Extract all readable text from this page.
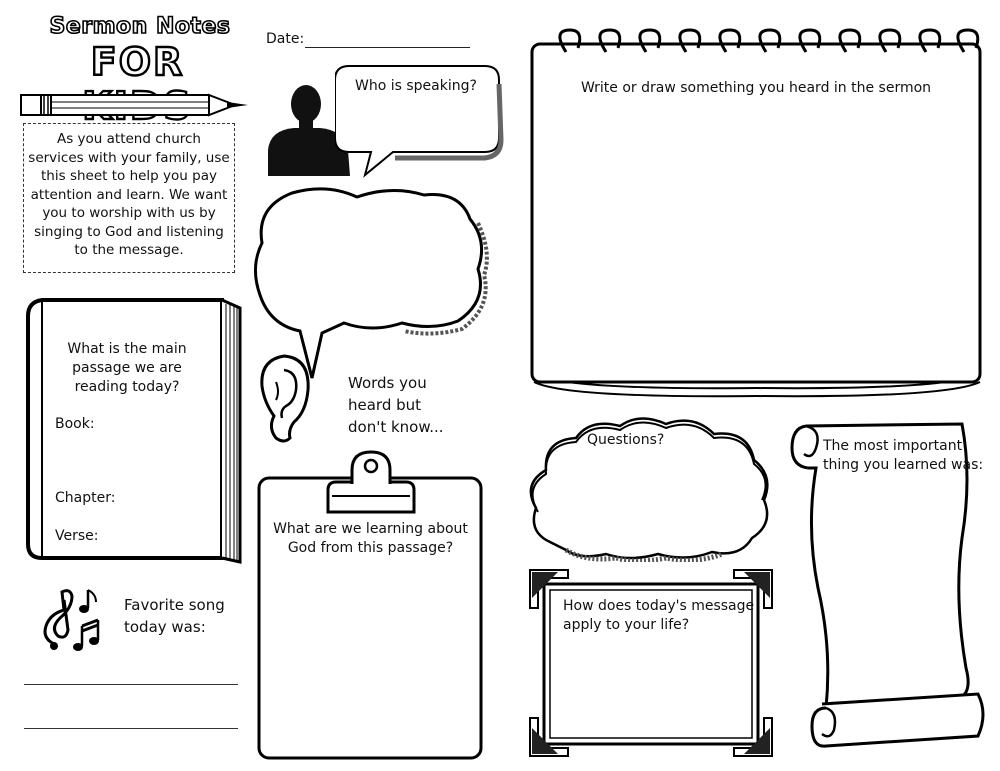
Sermon Notes
FOR
As you attend church services with your family, use this sheet to help you pay attention and learn. We want you to worship with us by singing to God and listening to the message.
Date:
Who is speaking?
Words you
heard but
don't know...
What is the main
passage we are
reading today?
Book:
Chapter:
Verse:
Favorite song
today was:
What are we learning about
God from this passage?
Write or draw something you heard in the sermon
Questions?
How does today's message
apply to your life?
The most important
thing you learned was:
